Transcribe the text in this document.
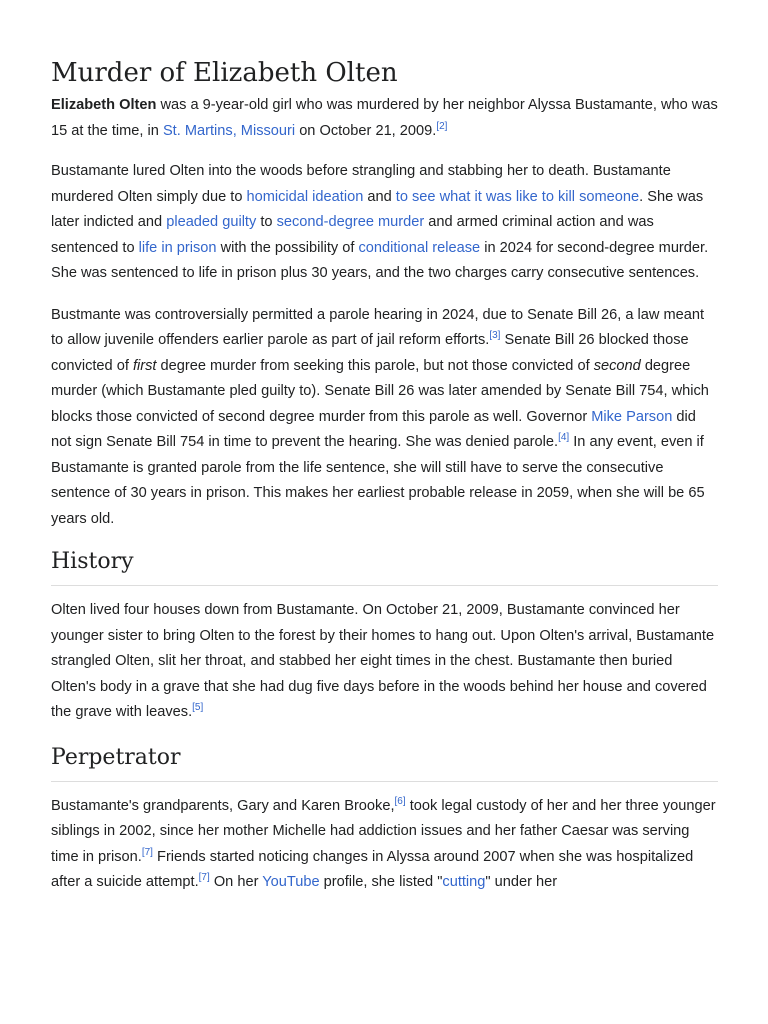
Murder of Elizabeth Olten

Elizabeth Olten was a 9-year-old girl who was murdered by her neighbor Alyssa Bustamante, who was 15 at the time, in St. Martins, Missouri on October 21, 2009.[2]

Bustamante lured Olten into the woods before strangling and stabbing her to death. Bustamante murdered Olten simply due to homicidal ideation and to see what it was like to kill someone. She was later indicted and pleaded guilty to second-degree murder and armed criminal action and was sentenced to life in prison with the possibility of conditional release in 2024 for second-degree murder. She was sentenced to life in prison plus 30 years, and the two charges carry consecutive sentences.

Bustmante was controversially permitted a parole hearing in 2024, due to Senate Bill 26, a law meant to allow juvenile offenders earlier parole as part of jail reform efforts.[3] Senate Bill 26 blocked those convicted of first degree murder from seeking this parole, but not those convicted of second degree murder (which Bustamante pled guilty to). Senate Bill 26 was later amended by Senate Bill 754, which blocks those convicted of second degree murder from this parole as well. Governor Mike Parson did not sign Senate Bill 754 in time to prevent the hearing. She was denied parole.[4] In any event, even if Bustamante is granted parole from the life sentence, she will still have to serve the consecutive sentence of 30 years in prison. This makes her earliest probable release in 2059, when she will be 65 years old.

History

Olten lived four houses down from Bustamante. On October 21, 2009, Bustamante convinced her younger sister to bring Olten to the forest by their homes to hang out. Upon Olten's arrival, Bustamante strangled Olten, slit her throat, and stabbed her eight times in the chest. Bustamante then buried Olten's body in a grave that she had dug five days before in the woods behind her house and covered the grave with leaves.[5]

Perpetrator

Bustamante's grandparents, Gary and Karen Brooke,[6] took legal custody of her and her three younger siblings in 2002, since her mother Michelle had addiction issues and her father Caesar was serving time in prison.[7] Friends started noticing changes in Alyssa around 2007 when she was hospitalized after a suicide attempt.[7] On her YouTube profile, she listed "cutting" under her
